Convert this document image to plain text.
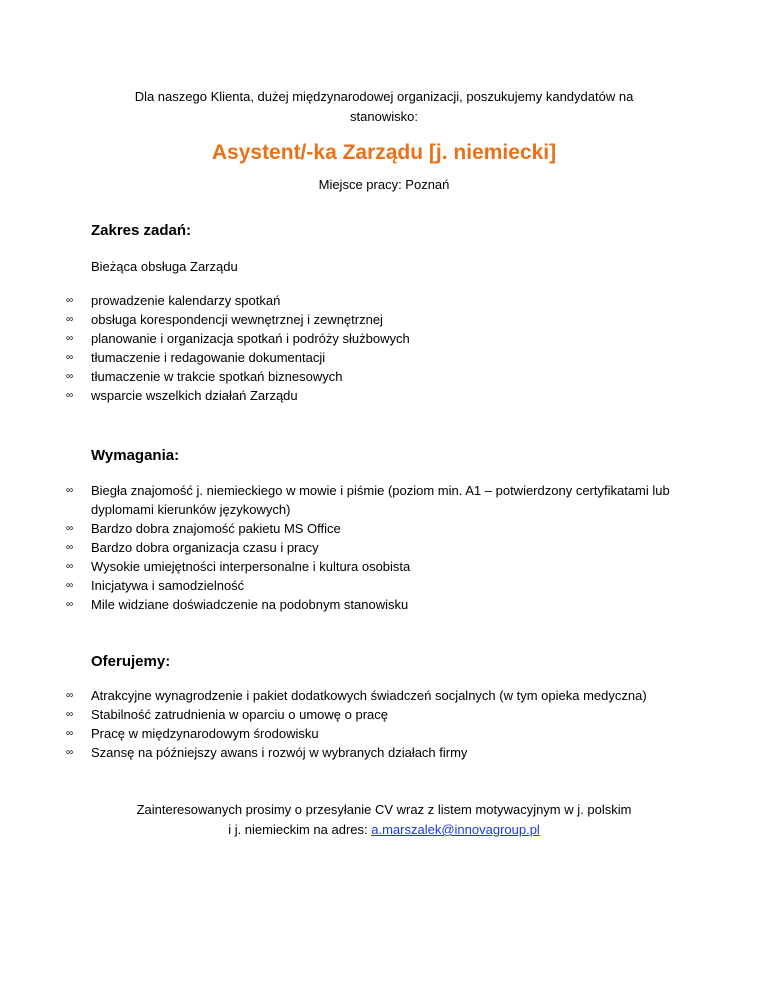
Dla naszego Klienta, dużej międzynarodowej organizacji, poszukujemy kandydatów na
stanowisko:
Asystent/-ka Zarządu [j. niemiecki]
Miejsce pracy: Poznań
Zakres zadań:
Bieżąca obsługa Zarządu
∞ prowadzenie kalendarzy spotkań
∞ obsługa korespondencji wewnętrznej i zewnętrznej
∞ planowanie i organizacja spotkań i podróży służbowych
∞ tłumaczenie i redagowanie dokumentacji
∞ tłumaczenie w trakcie spotkań biznesowych
∞ wsparcie wszelkich działań Zarządu
Wymagania:
∞ Biegła znajomość j. niemieckiego w mowie i piśmie (poziom min. A1 – potwierdzony certyfikatami lub dyplomami kierunków językowych)
∞ Bardzo dobra znajomość pakietu MS Office
∞ Bardzo dobra organizacja czasu i pracy
∞ Wysokie umiejętności interpersonalne i kultura osobista
∞ Inicjatywa i samodzielność
∞ Mile widziane doświadczenie na podobnym stanowisku
Oferujemy:
∞ Atrakcyjne wynagrodzenie i pakiet dodatkowych świadczeń socjalnych (w tym opieka medyczna)
∞ Stabilność zatrudnienia w oparciu o umowę o pracę
∞ Pracę w międzynarodowym środowisku
∞ Szansę na późniejszy awans i rozwój w wybranych działach firmy
Zainteresowanych prosimy o przesyłanie CV wraz z listem motywacyjnym w j. polskim
i j. niemieckim na adres: a.marszalek@innovagroup.pl
